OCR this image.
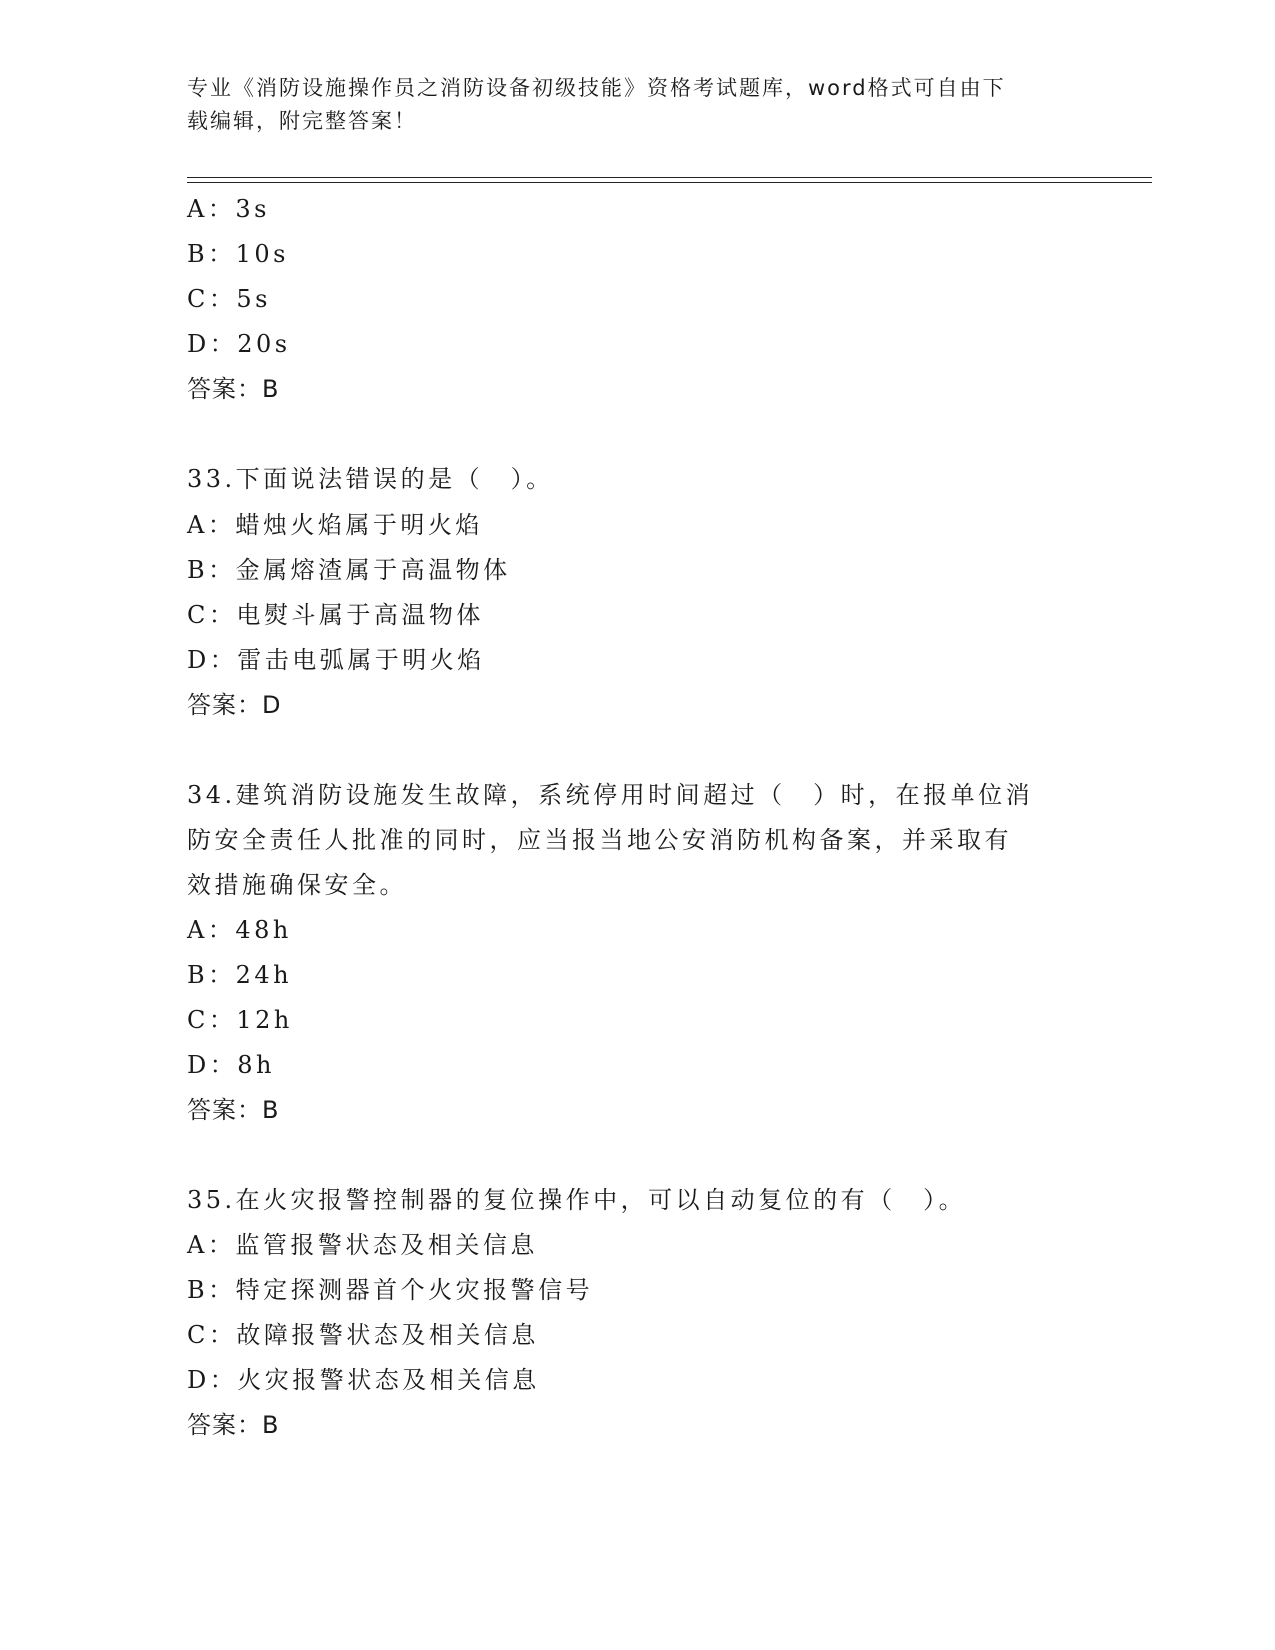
专业《消防设施操作员之消防设备初级技能》资格考试题库，word格式可自由下
载编辑，附完整答案！
A：3s
B：10s
C：5s
D：20s
答案：B
33.下面说法错误的是（　）。
A：蜡烛火焰属于明火焰
B：金属熔渣属于高温物体
C：电熨斗属于高温物体
D：雷击电弧属于明火焰
答案：D
34.建筑消防设施发生故障，系统停用时间超过（　）时，在报单位消
防安全责任人批准的同时，应当报当地公安消防机构备案，并采取有
效措施确保安全。
A：48h
B：24h
C：12h
D：8h
答案：B
35.在火灾报警控制器的复位操作中，可以自动复位的有（　）。
A：监管报警状态及相关信息
B：特定探测器首个火灾报警信号
C：故障报警状态及相关信息
D：火灾报警状态及相关信息
答案：B
